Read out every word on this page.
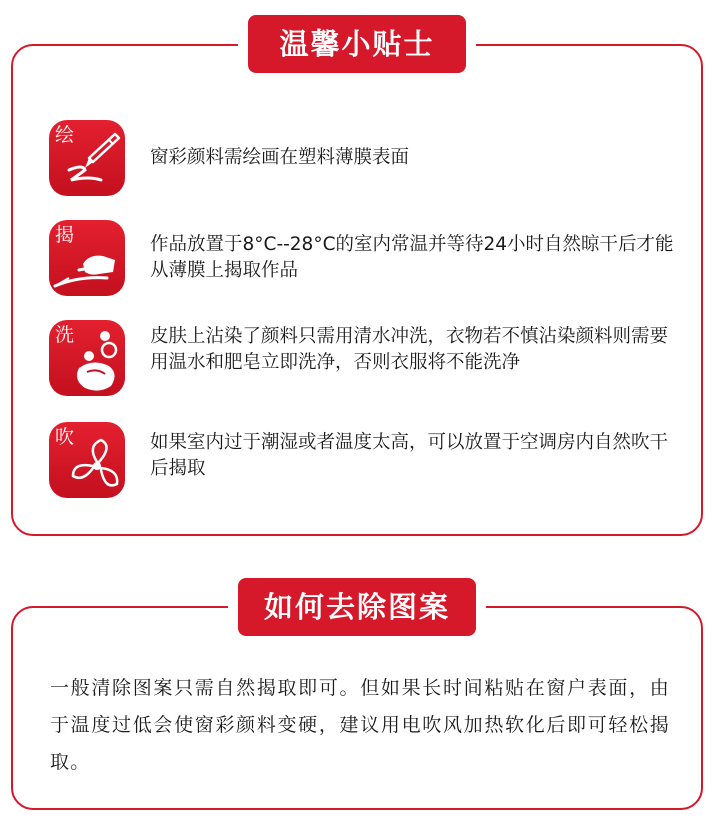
温馨小贴士
绘
窗彩颜料需绘画在塑料薄膜表面
揭	作品放置于8°C--28°C的室内常温并等待24小时自然晾干后才能从薄膜上揭取作品
洗	皮肤上沾染了颜料只需用清水冲洗，衣物若不慎沾染颜料则需要用温水和肥皂立即洗净，否则衣服将不能洗净
吹	如果室内过于潮湿或者温度太高，可以放置于空调房内自然吹干后揭取
如何去除图案
一般清除图案只需自然揭取即可。但如果长时间粘贴在窗户表面，由于温度过低会使窗彩颜料变硬，建议用电吹风加热软化后即可轻松揭取。
